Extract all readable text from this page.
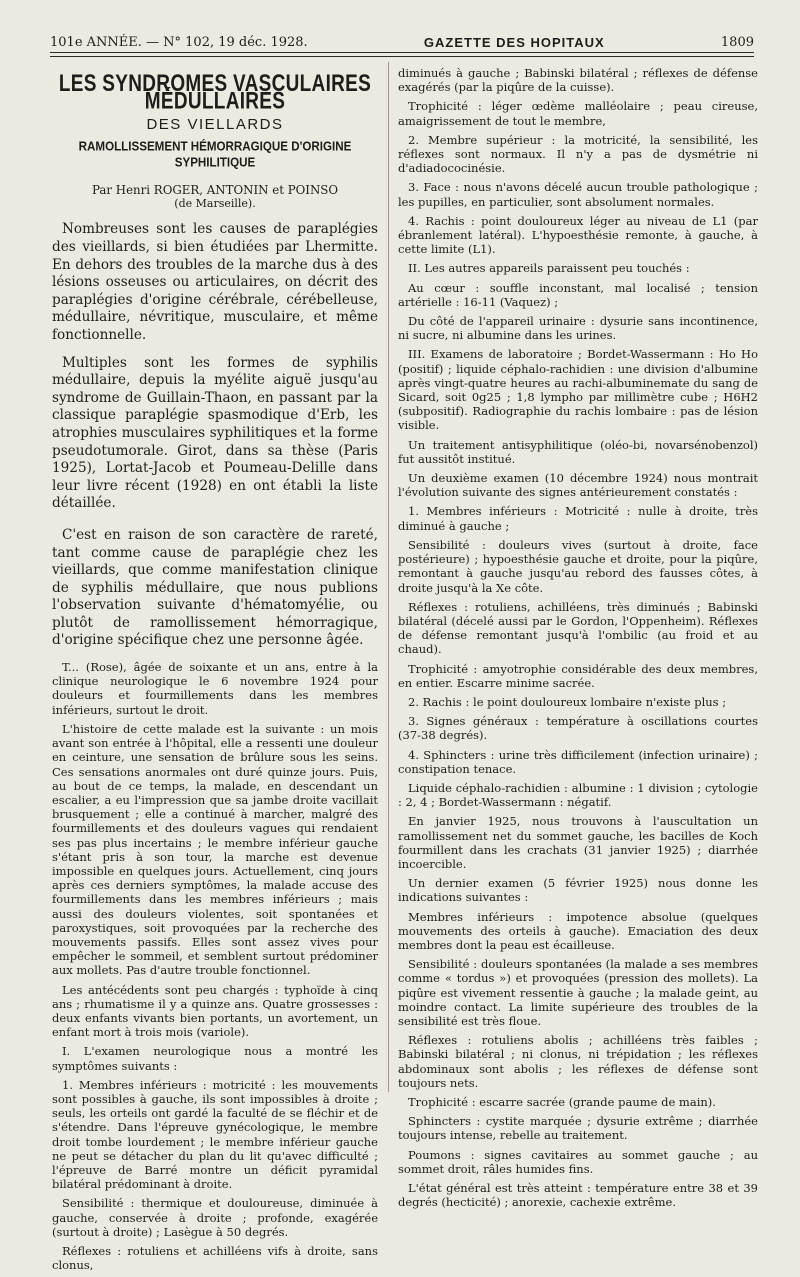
101e ANNÉE. — N° 102, 19 déc. 1928.	GAZETTE DES HOPITAUX	1809
LES SYNDROMES VASCULAIRES MÉDULLAIRES
DES VIELLARDS
RAMOLLISSEMENT HÉMORRAGIQUE D'ORIGINE SYPHILITIQUE
Par Henri ROGER, ANTONIN et POINSO
(de Marseille).

Nombreuses sont les causes de paraplégies des vieillards, si bien étudiées par Lhermitte. En dehors des troubles de la marche dus à des lésions osseuses ou articulaires, on décrit des paraplégies d'origine cérébrale, cérébelleuse, médullaire, névritique, musculaire, et même fonctionnelle.

Multiples sont les formes de syphilis médullaire, depuis la myélite aiguë jusqu'au syndrome de Guillain-Thaon, en passant par la classique paraplégie spasmodique d'Erb, les atrophies musculaires syphilitiques et la forme pseudotumorale. Girot, dans sa thèse (Paris 1925), Lortat-Jacob et Poumeau-Delille dans leur livre récent (1928) en ont établi la liste détaillée.

C'est en raison de son caractère de rareté, tant comme cause de paraplégie chez les vieillards, que comme manifestation clinique de syphilis médullaire, que nous publions l'observation suivante d'hématomyélie, ou plutôt de ramollissement hémorragique, d'origine spécifique chez une personne âgée.

T... (Rose), âgée de soixante et un ans, entre à la clinique neurologique le 6 novembre 1924 pour douleurs et fourmillements dans les membres inférieurs, surtout le droit.

L'histoire de cette malade est la suivante : un mois avant son entrée à l'hôpital, elle a ressenti une douleur en ceinture, une sensation de brûlure sous les seins. Ces sensations anormales ont duré quinze jours. Puis, au bout de ce temps, la malade, en descendant un escalier, a eu l'impression que sa jambe droite vacillait brusquement ; elle a continué à marcher, malgré des fourmillements et des douleurs vagues qui rendaient ses pas plus incertains ; le membre inférieur gauche s'étant pris à son tour, la marche est devenue impossible en quelques jours. Actuellement, cinq jours après ces derniers symptômes, la malade accuse des fourmillements dans les membres inférieurs ; mais aussi des douleurs violentes, soit spontanées et paroxystiques, soit provoquées par la recherche des mouvements passifs. Elles sont assez vives pour empêcher le sommeil, et semblent surtout prédominer aux mollets. Pas d'autre trouble fonctionnel.

Les antécédents sont peu chargés : typhoïde à cinq ans ; rhumatisme il y a quinze ans. Quatre grossesses : deux enfants vivants bien portants, un avortement, un enfant mort à trois mois (variole).

I. L'examen neurologique nous a montré les symptômes suivants :

1. Membres inférieurs : motricité : les mouvements sont possibles à gauche, ils sont impossibles à droite ; seuls, les orteils ont gardé la faculté de se fléchir et de s'étendre. Dans l'épreuve gynécologique, le membre droit tombe lourdement ; le membre inférieur gauche ne peut se détacher du plan du lit qu'avec difficulté ; l'épreuve de Barré montre un déficit pyramidal bilatéral prédominant à droite.

Sensibilité : thermique et douloureuse, diminuée à gauche, conservée à droite ; profonde, exagérée (surtout à droite) ; Lasègue à 50 degrés.

Réflexes : rotuliens et achilléens vifs à droite, sans clonus,

diminués à gauche ; Babinski bilatéral ; réflexes de défense exagérés (par la piqûre de la cuisse).

Trophicité : léger œdème malléolaire ; peau cireuse, amaigrissement de tout le membre,

2. Membre supérieur : la motricité, la sensibilité, les réflexes sont normaux. Il n'y a pas de dysmétrie ni d'adiadococinésie.

3. Face : nous n'avons décelé aucun trouble pathologique ; les pupilles, en particulier, sont absolument normales.

4. Rachis : point douloureux léger au niveau de L1 (par ébranlement latéral). L'hypoesthésie remonte, à gauche, à cette limite (L1).

II. Les autres appareils paraissent peu touchés :

Au cœur : souffle inconstant, mal localisé ; tension artérielle : 16-11 (Vaquez) ;

Du côté de l'appareil urinaire : dysurie sans incontinence, ni sucre, ni albumine dans les urines.

III. Examens de laboratoire ; Bordet-Wassermann : Ho Ho (positif) ; liquide céphalo-rachidien : une division d'albumine après vingt-quatre heures au rachi-albuminemate du sang de Sicard, soit 0g25 ; 1,8 lympho par millimètre cube ; H6H2 (subpositif). Radiographie du rachis lombaire : pas de lésion visible.

Un traitement antisyphilitique (oléo-bi, novarsénobenzol) fut aussitôt institué.

Un deuxième examen (10 décembre 1924) nous montrait l'évolution suivante des signes antérieurement constatés :

1. Membres inférieurs : Motricité : nulle à droite, très diminué à gauche ;

Sensibilité : douleurs vives (surtout à droite, face postérieure) ; hypoesthésie gauche et droite, pour la piqûre, remontant à gauche jusqu'au rebord des fausses côtes, à droite jusqu'à la Xe côte.

Réflexes : rotuliens, achilléens, très diminués ; Babinski bilatéral (décelé aussi par le Gordon, l'Oppenheim). Réflexes de défense remontant jusqu'à l'ombilic (au froid et au chaud).

Trophicité : amyotrophie considérable des deux membres, en entier. Escarre minime sacrée.

2. Rachis : le point douloureux lombaire n'existe plus ;

3. Signes généraux : température à oscillations courtes (37-38 degrés).

4. Sphincters : urine très difficilement (infection urinaire) ; constipation tenace.

Liquide céphalo-rachidien : albumine : 1 division ; cytologie : 2, 4 ; Bordet-Wassermann : négatif.

En janvier 1925, nous trouvons à l'auscultation un ramollissement net du sommet gauche, les bacilles de Koch fourmillent dans les crachats (31 janvier 1925) ; diarrhée incoercible.

Un dernier examen (5 février 1925) nous donne les indications suivantes :

Membres inférieurs : impotence absolue (quelques mouvements des orteils à gauche). Emaciation des deux membres dont la peau est écailleuse.

Sensibilité : douleurs spontanées (la malade a ses membres comme « tordus ») et provoquées (pression des mollets). La piqûre est vivement ressentie à gauche ; la malade geint, au moindre contact. La limite supérieure des troubles de la sensibilité est très floue.

Réflexes : rotuliens abolis ; achilléens très faibles ; Babinski bilatéral ; ni clonus, ni trépidation ; les réflexes abdominaux sont abolis ; les réflexes de défense sont toujours nets.

Trophicité : escarre sacrée (grande paume de main).

Sphincters : cystite marquée ; dysurie extrême ; diarrhée toujours intense, rebelle au traitement.

Poumons : signes cavitaires au sommet gauche ; au sommet droit, râles humides fins.

L'état général est très atteint : température entre 38 et 39 degrés (hecticité) ; anorexie, cachexie extrême.
